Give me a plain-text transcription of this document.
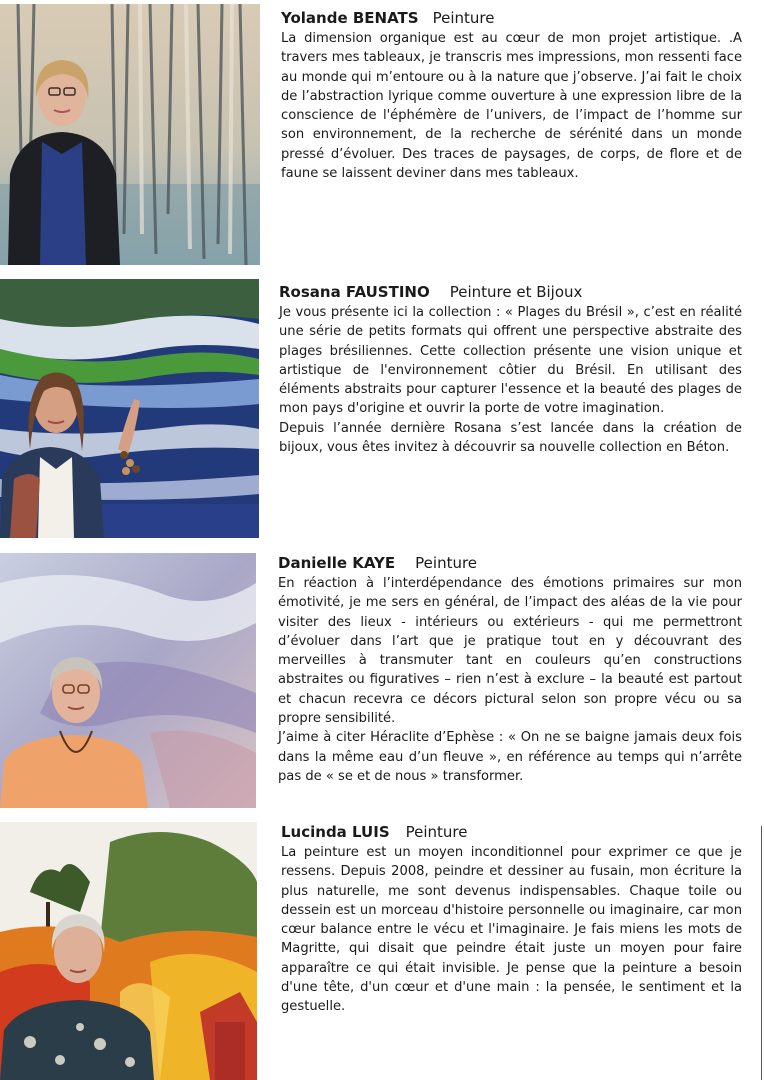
Yolande BENATS Peinture

La dimension organique est au cœur de mon projet artistique. .A travers mes tableaux, je transcris mes impressions, mon ressenti face au monde qui m’entoure ou à la nature que j’observe. J’ai fait le choix de l’abstraction lyrique comme ouverture à une expression libre de la conscience de l'éphémère de l’univers, de l’impact de l’homme sur son environnement, de la recherche de sérénité dans un monde pressé d’évoluer. Des traces de paysages, de corps, de flore et de faune se laissent deviner dans mes tableaux.

Rosana FAUSTINO Peinture et Bijoux

Je vous présente ici la collection : « Plages du Brésil », c’est en réalité une série de petits formats qui offrent une perspective abstraite des plages brésiliennes. Cette collection présente une vision unique et artistique de l'environnement côtier du Brésil. En utilisant des éléments abstraits pour capturer l'essence et la beauté des plages de mon pays d'origine et ouvrir la porte de votre imagination.

Depuis l’année dernière Rosana s’est lancée dans la création de bijoux, vous êtes invitez à découvrir sa nouvelle collection en Béton.

Danielle KAYE Peinture

En réaction à l’interdépendance des émotions primaires sur mon émotivité, je me sers en général, de l’impact des aléas de la vie pour visiter des lieux - intérieurs ou extérieurs - qui me permettront d’évoluer dans l’art que je pratique tout en y découvrant des merveilles à transmuter tant en couleurs qu’en constructions abstraites ou figuratives – rien n’est à exclure – la beauté est partout et chacun recevra ce décors pictural selon son propre vécu ou sa propre sensibilité.

J’aime à citer Héraclite d’Ephèse : « On ne se baigne jamais deux fois dans la même eau d’un fleuve », en référence au temps qui n’arrête pas de « se et de nous » transformer.

Lucinda LUIS Peinture

La peinture est un moyen inconditionnel pour exprimer ce que je ressens. Depuis 2008, peindre et dessiner au fusain, mon écriture la plus naturelle, me sont devenus indispensables. Chaque toile ou dessein est un morceau d'histoire personnelle ou imaginaire, car mon cœur balance entre le vécu et l'imaginaire. Je fais miens les mots de Magritte, qui disait que peindre était juste un moyen pour faire apparaître ce qui était invisible. Je pense que la peinture a besoin d'une tête, d'un cœur et d'une main : la pensée, le sentiment et la gestuelle.
